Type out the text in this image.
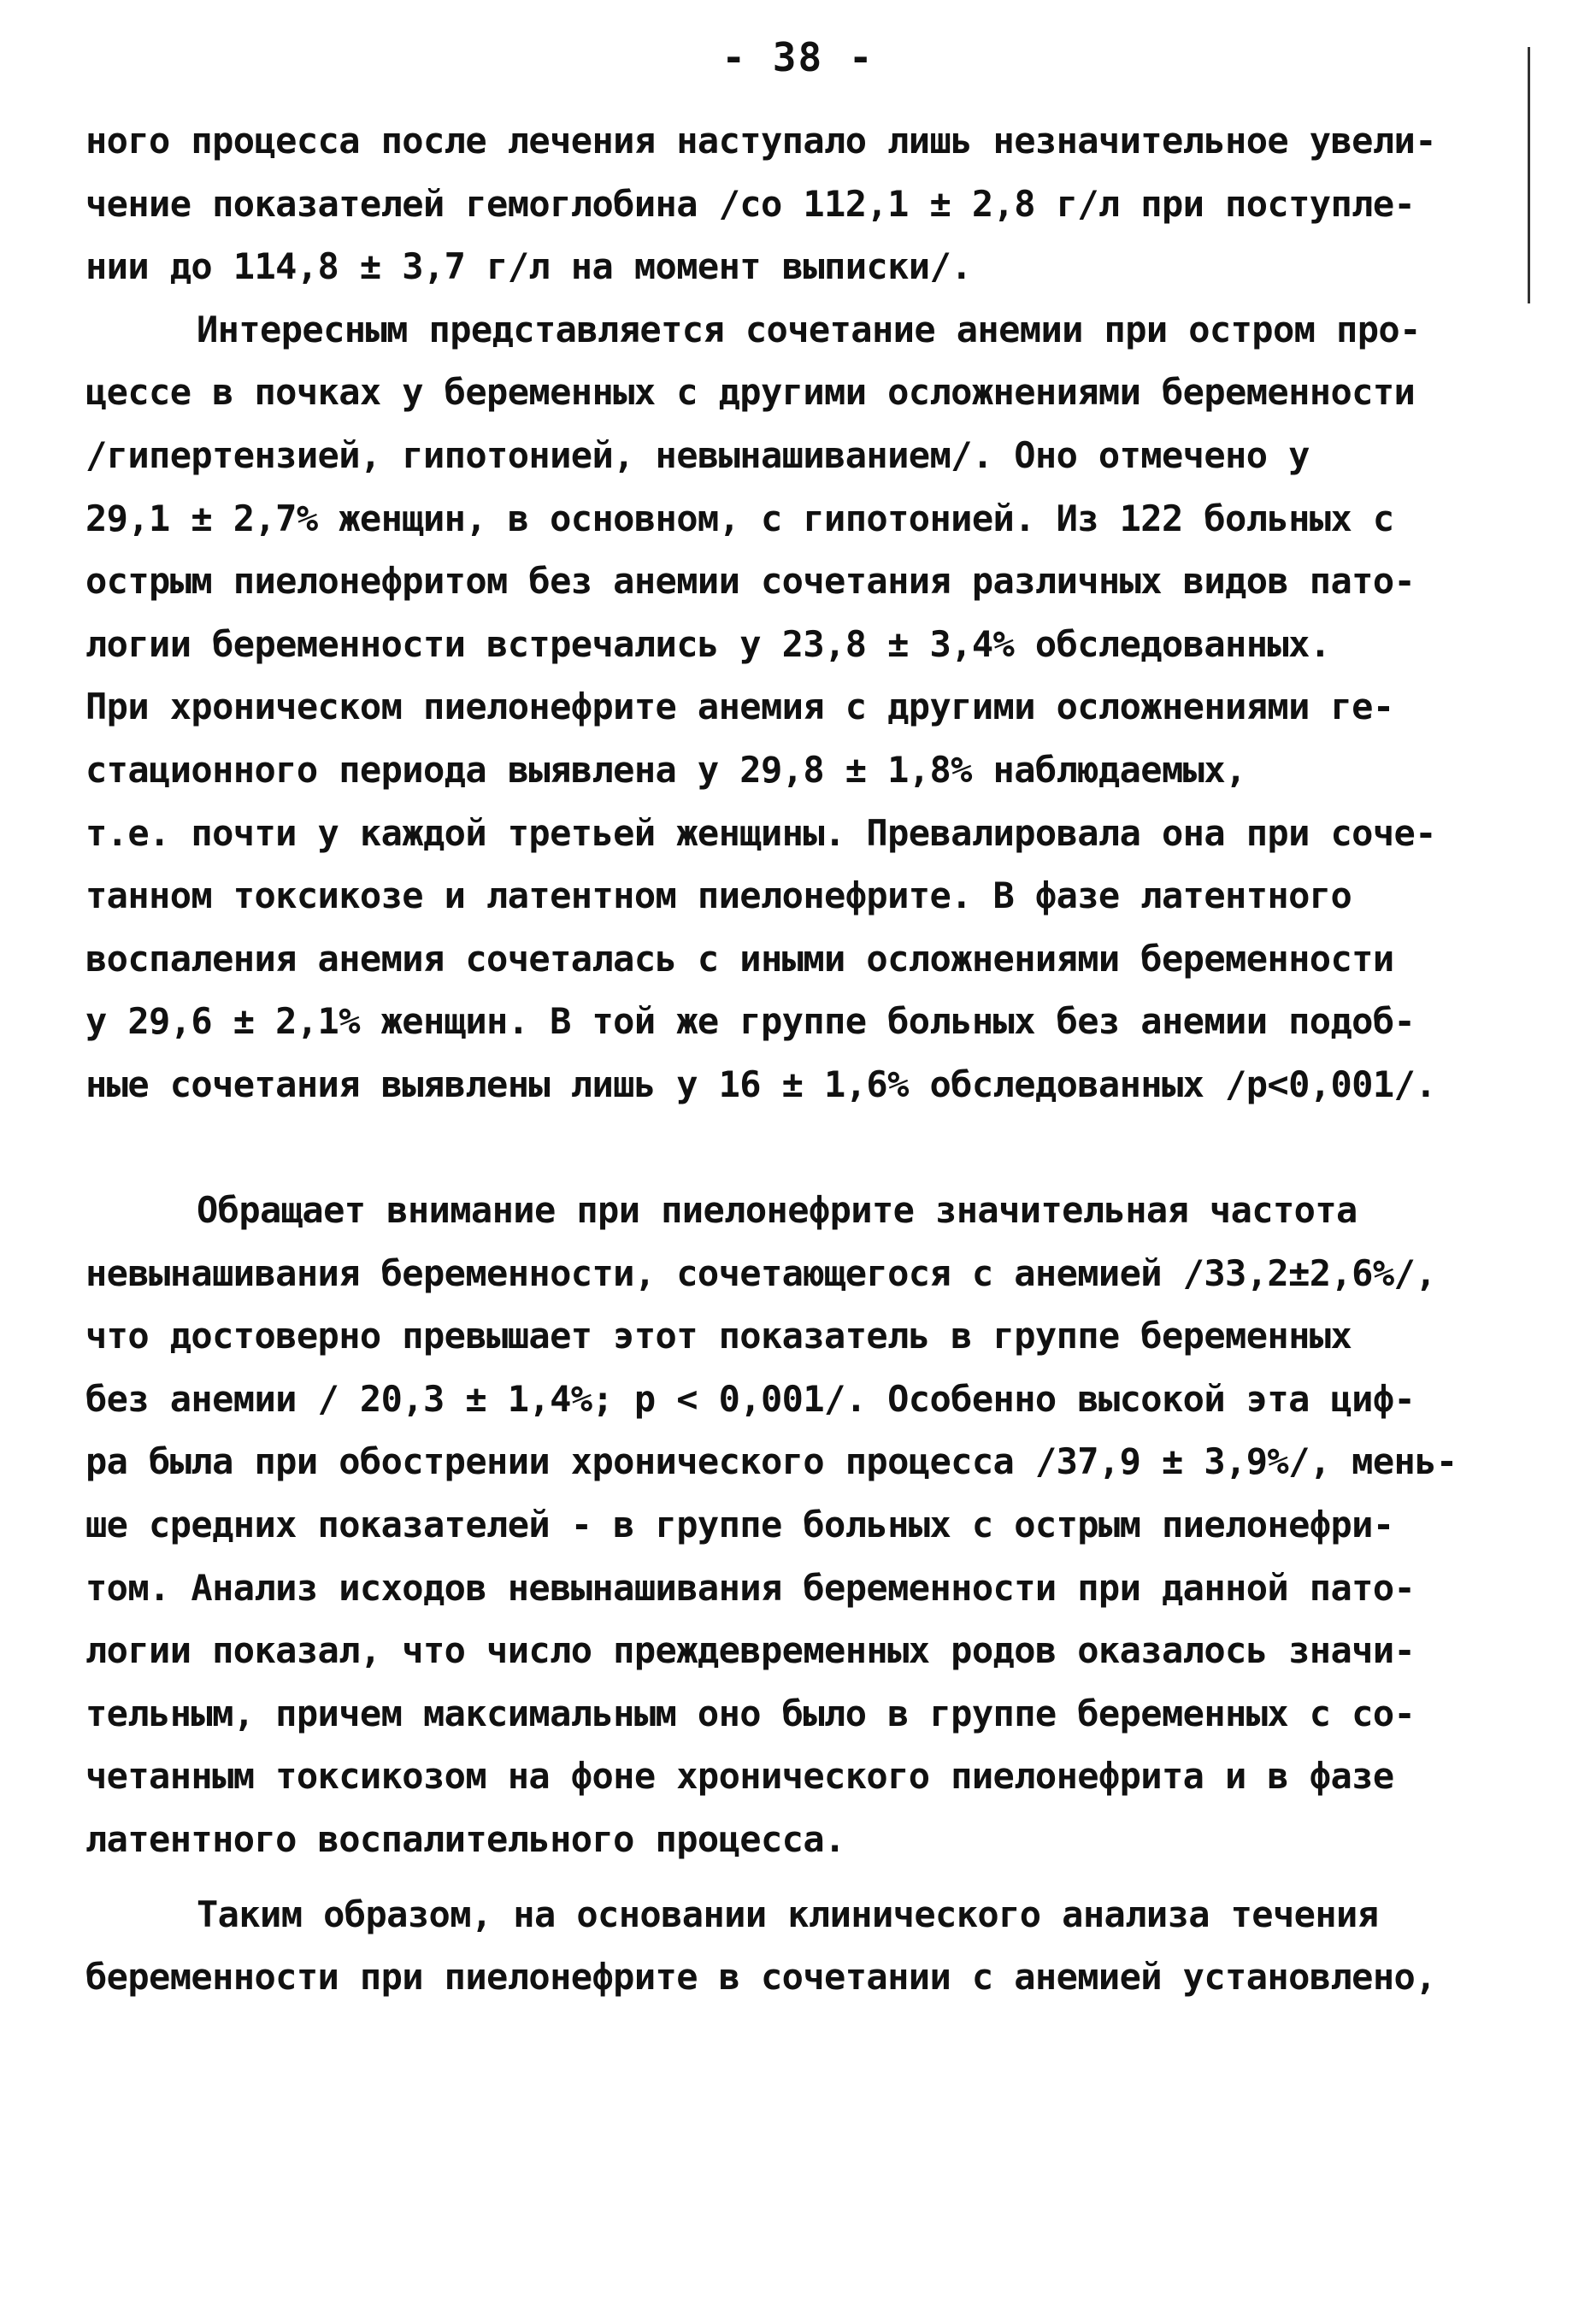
- 38 -
ного процесса после лечения наступало лишь незначительное увели-
чение показателей гемоглобина /со 112,1 ± 2,8 г/л при поступле-
нии до 114,8 ± 3,7 г/л на момент выписки/.
Интересным представляется сочетание анемии при остром про-
цессе в почках у беременных с другими осложнениями беременности
/гипертензией, гипотонией, невынашиванием/. Оно отмечено у
29,1 ± 2,7% женщин, в основном, с гипотонией. Из 122 больных с
острым пиелонефритом без анемии сочетания различных видов пато-
логии беременности встречались у 23,8 ± 3,4% обследованных.
При хроническом пиелонефрите анемия с другими осложнениями ге-
стационного периода выявлена у 29,8 ± 1,8% наблюдаемых,
т.е. почти у каждой третьей женщины. Превалировала она при соче-
танном токсикозе и латентном пиелонефрите. В фазе латентного
воспаления анемия сочеталась с иными осложнениями беременности
у 29,6 ± 2,1% женщин. В той же группе больных без анемии подоб-
ные сочетания выявлены лишь у 16 ± 1,6% обследованных /p<0,001/.
Обращает внимание при пиелонефрите значительная частота
невынашивания беременности, сочетающегося с анемией /33,2±2,6%/,
что достоверно превышает этот показатель в группе беременных
без анемии / 20,3 ± 1,4%; p < 0,001/. Особенно высокой эта циф-
ра была при обострении хронического процесса /37,9 ± 3,9%/, мень-
ше средних показателей - в группе больных с острым пиелонефри-
том. Анализ исходов невынашивания беременности при данной пато-
логии показал, что число преждевременных родов оказалось значи-
тельным, причем максимальным оно было в группе беременных с со-
четанным токсикозом на фоне хронического пиелонефрита и в фазе
латентного воспалительного процесса.
Таким образом, на основании клинического анализа течения
беременности при пиелонефрите в сочетании с анемией установлено,
